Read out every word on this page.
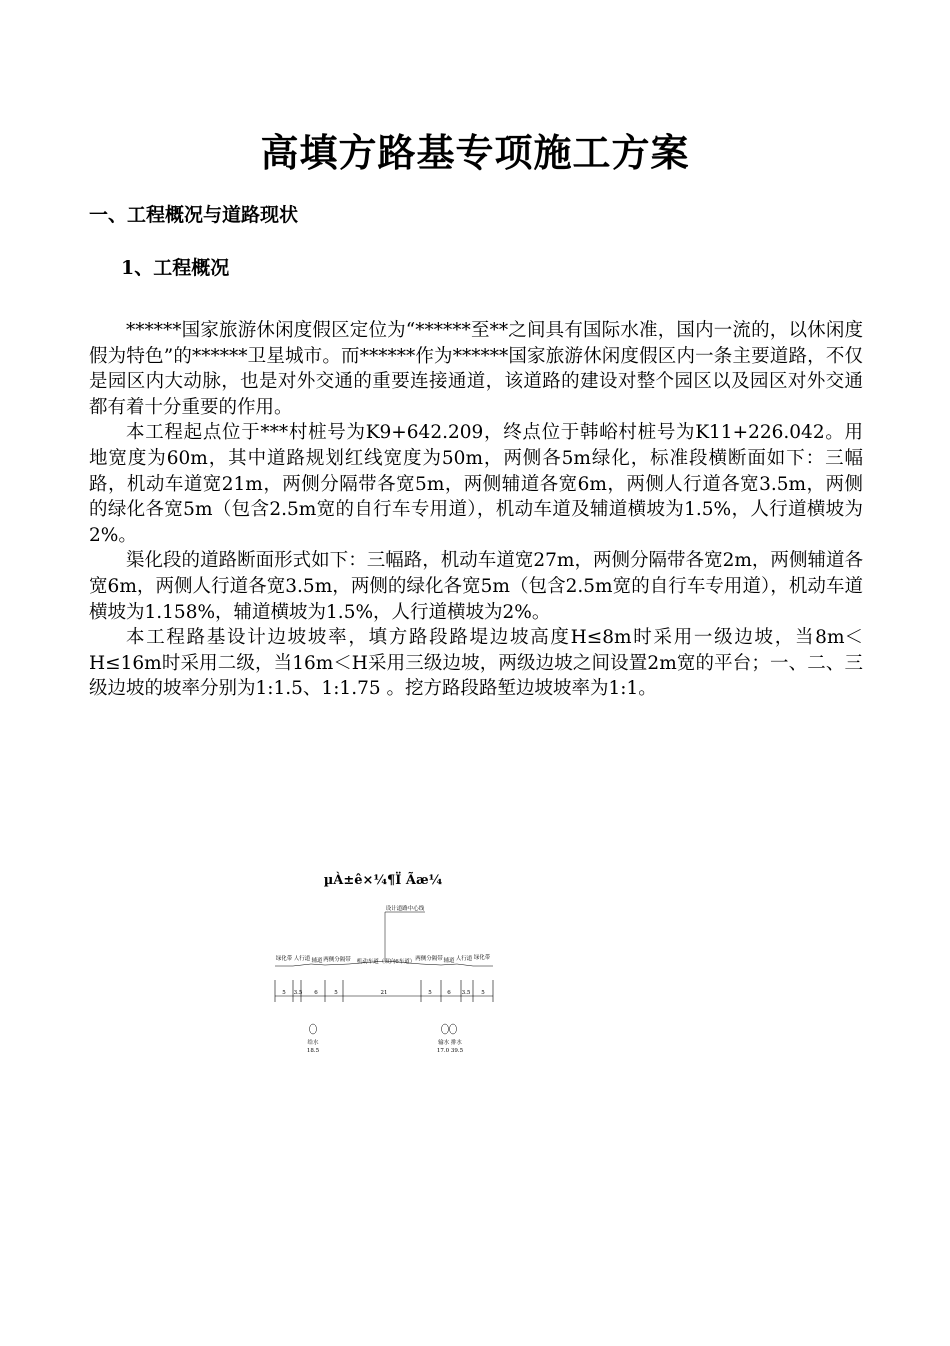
高填方路基专项施工方案
一、工程概况与道路现状
1、工程概况

******国家旅游休闲度假区定位为“******至**之间具有国际水准，国内一流的，以休闲度假为特色”的******卫星城市。而******作为******国家旅游休闲度假区内一条主要道路，不仅是园区内大动脉，也是对外交通的重要连接通道，该道路的建设对整个园区以及园区对外交通都有着十分重要的作用。

本工程起点位于***村桩号为K9+642.209，终点位于韩峪村桩号为K11+226.042。用地宽度为60m，其中道路规划红线宽度为50m，两侧各5m绿化，标准段横断面如下：三幅路，机动车道宽21m，两侧分隔带各宽5m，两侧辅道各宽6m，两侧人行道各宽3.5m，两侧的绿化各宽5m（包含2.5m宽的自行车专用道），机动车道及辅道横坡为1.5%，人行道横坡为2%。

渠化段的道路断面形式如下：三幅路，机动车道宽27m，两侧分隔带各宽2m，两侧辅道各宽6m，两侧人行道各宽3.5m，两侧的绿化各宽5m（包含2.5m宽的自行车专用道），机动车道横坡为1.158%，辅道横坡为1.5%，人行道横坡为2%。

本工程路基设计边坡坡率，填方路段路堤边坡高度H≤8m时采用一级边坡，当8m＜H≤16m时采用二级，当16m＜H采用三级边坡，两级边坡之间设置2m宽的平台；一、二、三级边坡的坡率分别为1:1.5、1:1.75 。挖方路段路堑边坡坡率为1:1。

µÀ±ê×¼¶Ï Ãæ¼
设计道路中心线
绿化带 人行道 辅道 两侧分隔带 机动车道（双向6车道） 两侧分隔带 辅道 人行道 绿化带
5 3.5 6	5	21	5	6 3.5 5
给水
18.5
输水 排水
17.0 39.5
